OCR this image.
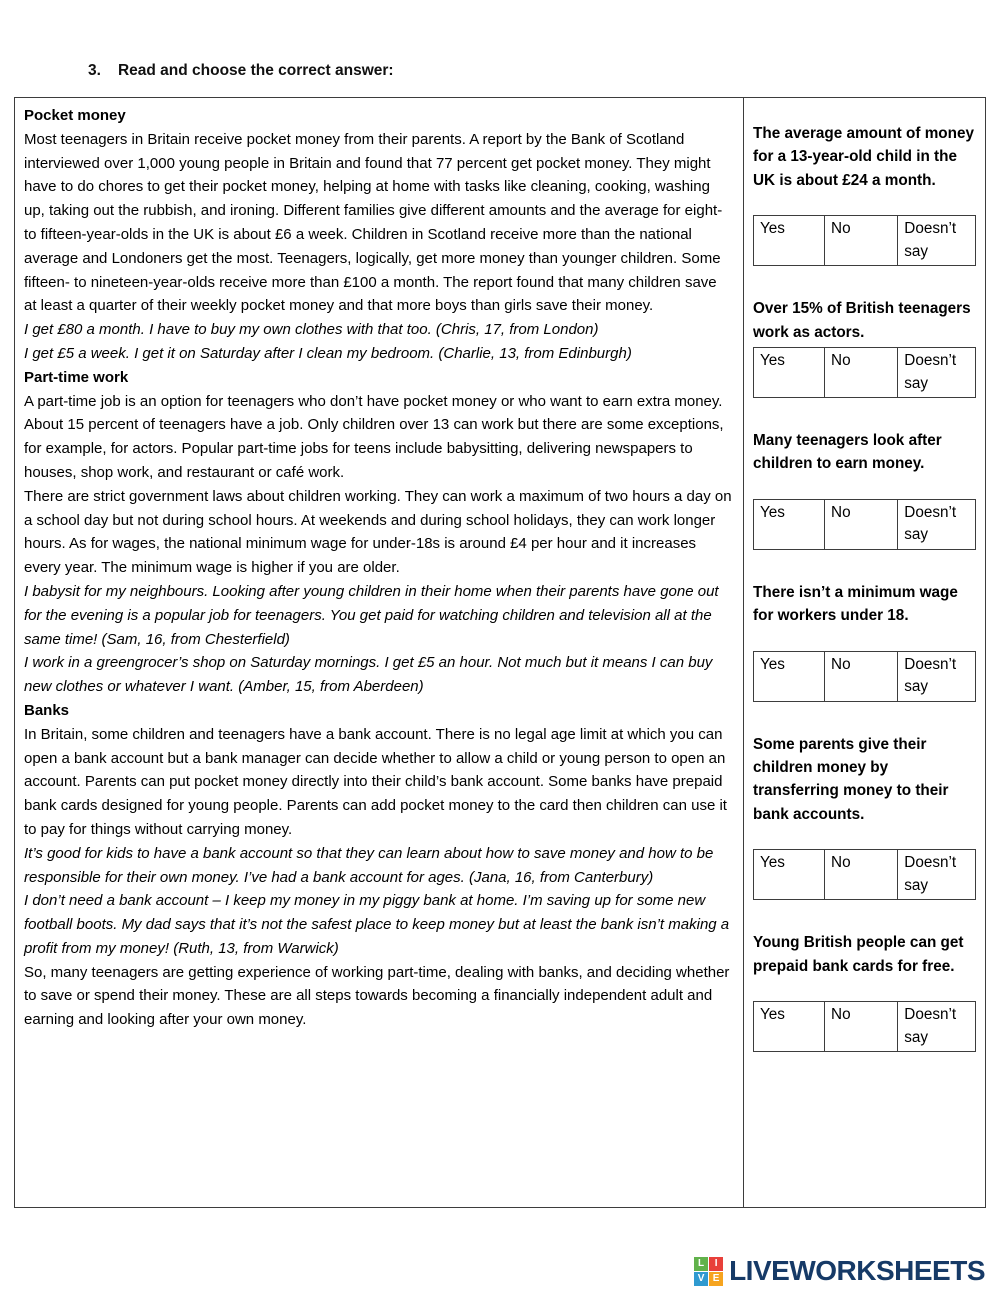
3. Read and choose the correct answer:

Pocket money

Most teenagers in Britain receive pocket money from their parents. A report by the Bank of Scotland interviewed over 1,000 young people in Britain and found that 77 percent get pocket money. They might have to do chores to get their pocket money, helping at home with tasks like cleaning, cooking, washing up, taking out the rubbish, and ironing. Different families give different amounts and the average for eight- to fifteen-year-olds in the UK is about £6 a week. Children in Scotland receive more than the national average and Londoners get the most. Teenagers, logically, get more money than younger children. Some fifteen- to nineteen-year-olds receive more than £100 a month. The report found that many children save at least a quarter of their weekly pocket money and that more boys than girls save their money.

I get £80 a month. I have to buy my own clothes with that too. (Chris, 17, from London)

I get £5 a week. I get it on Saturday after I clean my bedroom. (Charlie, 13, from Edinburgh)

Part-time work

A part-time job is an option for teenagers who don’t have pocket money or who want to earn extra money. About 15 percent of teenagers have a job. Only children over 13 can work but there are some exceptions, for example, for actors. Popular part-time jobs for teens include babysitting, delivering newspapers to houses, shop work, and restaurant or café work.

There are strict government laws about children working. They can work a maximum of two hours a day on a school day but not during school hours. At weekends and during school holidays, they can work longer hours. As for wages, the national minimum wage for under-18s is around £4 per hour and it increases every year. The minimum wage is higher if you are older.

I babysit for my neighbours. Looking after young children in their home when their parents have gone out for the evening is a popular job for teenagers. You get paid for watching children and television all at the same time! (Sam, 16, from Chesterfield)

I work in a greengrocer’s shop on Saturday mornings. I get £5 an hour. Not much but it means I can buy new clothes or whatever I want. (Amber, 15, from Aberdeen)

Banks

In Britain, some children and teenagers have a bank account. There is no legal age limit at which you can open a bank account but a bank manager can decide whether to allow a child or young person to open an account. Parents can put pocket money directly into their child’s bank account. Some banks have prepaid bank cards designed for young people. Parents can add pocket money to the card then children can use it to pay for things without carrying money.

It’s good for kids to have a bank account so that they can learn about how to save money and how to be responsible for their own money. I’ve had a bank account for ages. (Jana, 16, from Canterbury)

I don’t need a bank account – I keep my money in my piggy bank at home. I’m saving up for some new football boots. My dad says that it’s not the safest place to keep money but at least the bank isn’t making a profit from my money! (Ruth, 13, from Warwick)

So, many teenagers are getting experience of working part-time, dealing with banks, and deciding whether to save or spend their money. These are all steps towards becoming a financially independent adult and earning and looking after your own money.

The average amount of money for a 13-year-old child in the UK is about £24 a month.
Yes	No	Doesn’t say
Over 15% of British teenagers work as actors.
Yes	No	Doesn’t say
Many teenagers look after children to earn money.
Yes	No	Doesn’t say
There isn’t a minimum wage for workers under 18.
Yes	No	Doesn’t say
Some parents give their children money by transferring money to their bank accounts.
Yes	No	Doesn’t say
Young British people can get prepaid bank cards for free.
Yes	No	Doesn’t say
L	I
V E LIVEWORKSHEETS
